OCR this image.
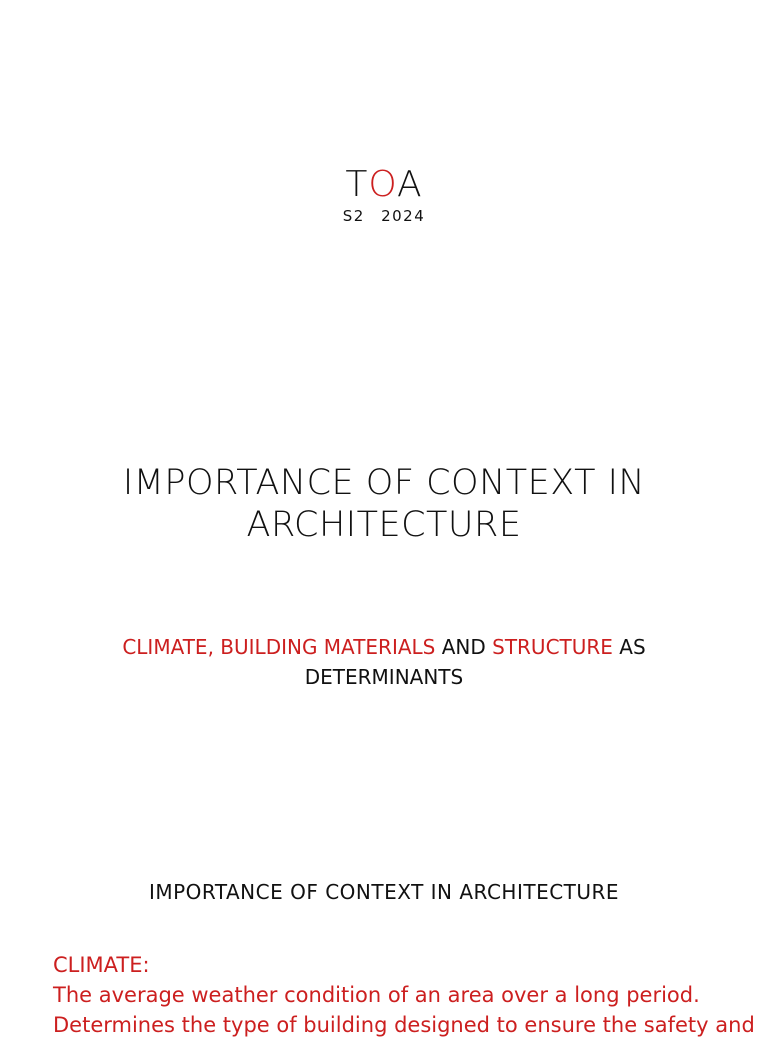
TOA
S2 2024
IMPORTANCE OF CONTEXT IN ARCHITECTURE
CLIMATE, BUILDING MATERIALS AND STRUCTURE AS DETERMINANTS
IMPORTANCE OF CONTEXT IN ARCHITECTURE

CLIMATE:

The average weather condition of an area over a long period.

Determines the type of building designed to ensure the safety and
